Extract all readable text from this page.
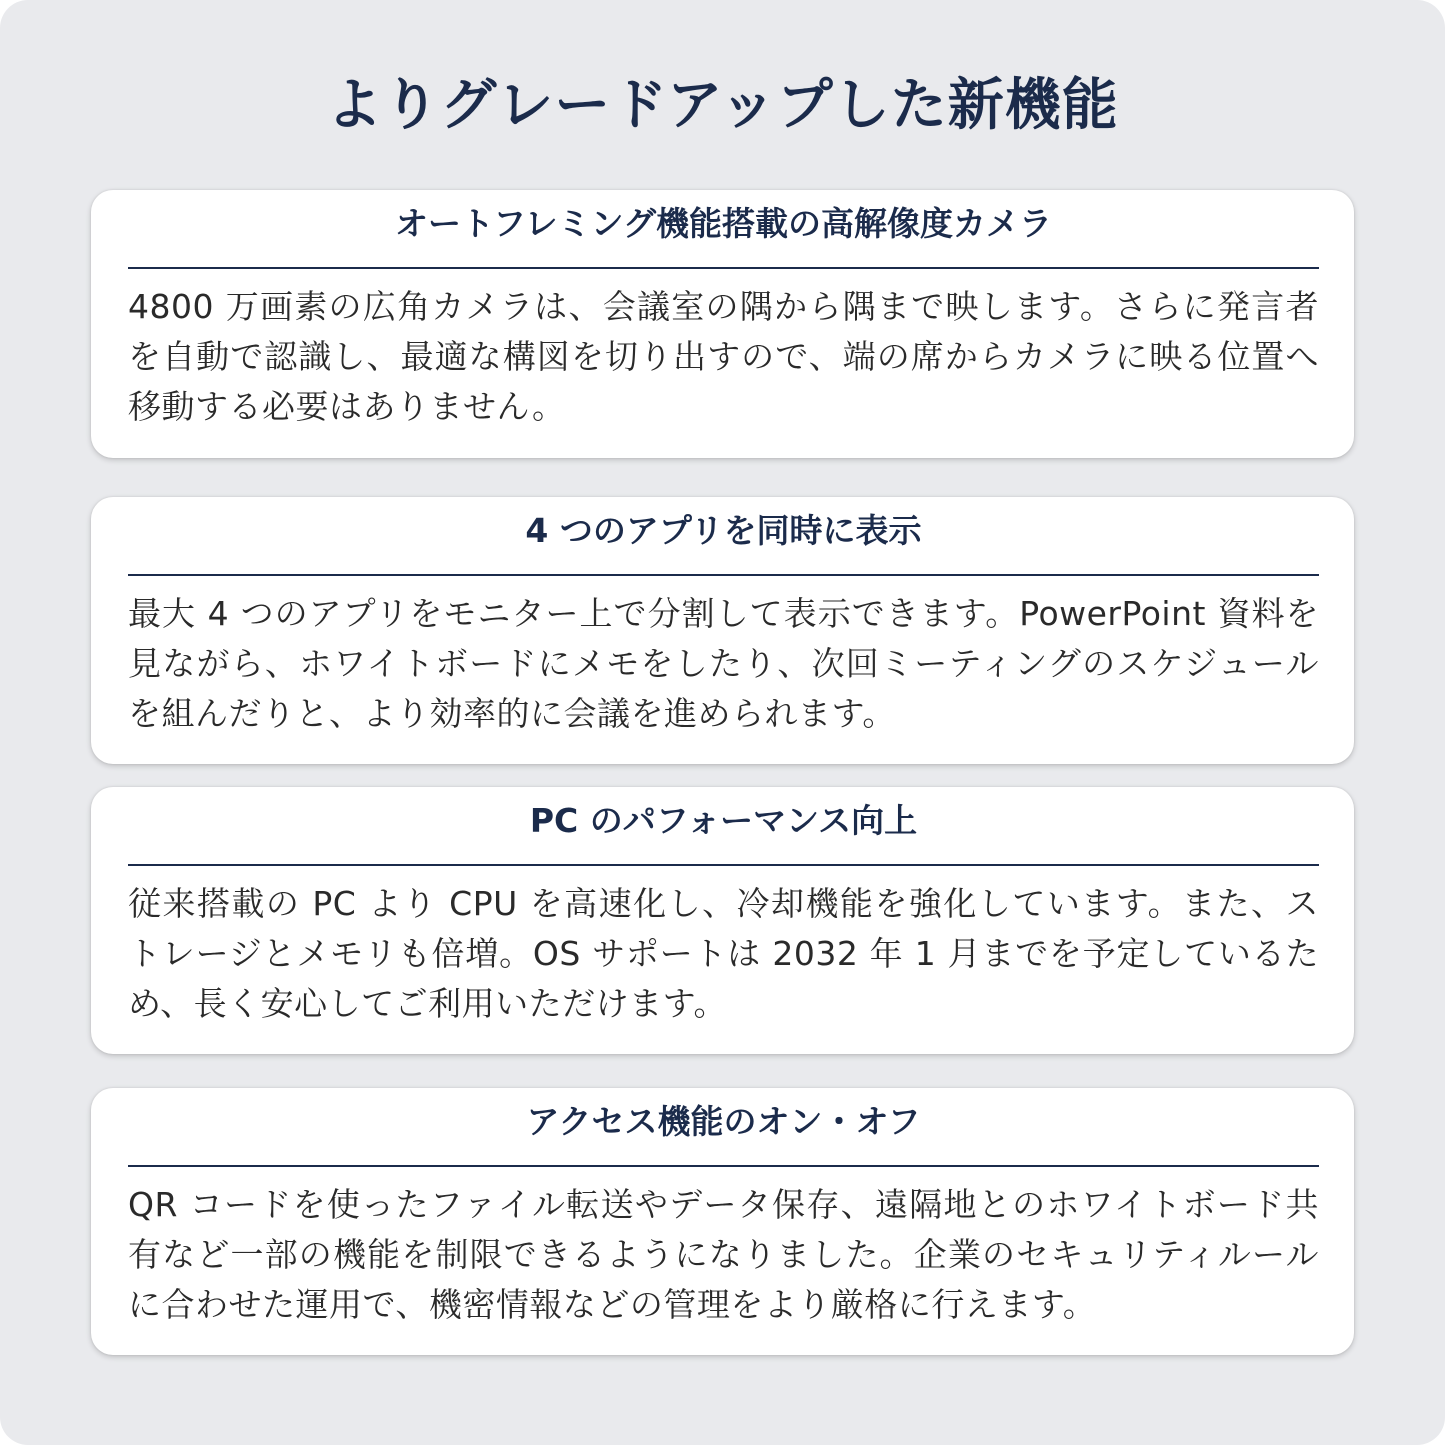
よりグレードアップした新機能
オートフレミング機能搭載の高解像度カメラ
4800 万画素の広角カメラは、会議室の隅から隅まで映します。さらに発言者を自動で認識し、最適な構図を切り出すので、端の席からカメラに映る位置へ移動する必要はありません。
4 つのアプリを同時に表示
最大 4 つのアプリをモニター上で分割して表示できます。PowerPoint 資料を見ながら、ホワイトボードにメモをしたり、次回ミーティングのスケジュールを組んだりと、より効率的に会議を進められます。
PC のパフォーマンス向上
従来搭載の PC より CPU を高速化し、冷却機能を強化しています。また、ストレージとメモリも倍増。OS サポートは 2032 年 1 月までを予定しているため、長く安心してご利用いただけます。
アクセス機能のオン・オフ
QR コードを使ったファイル転送やデータ保存、遠隔地とのホワイトボード共有など一部の機能を制限できるようになりました。企業のセキュリティルールに合わせた運用で、機密情報などの管理をより厳格に行えます。
